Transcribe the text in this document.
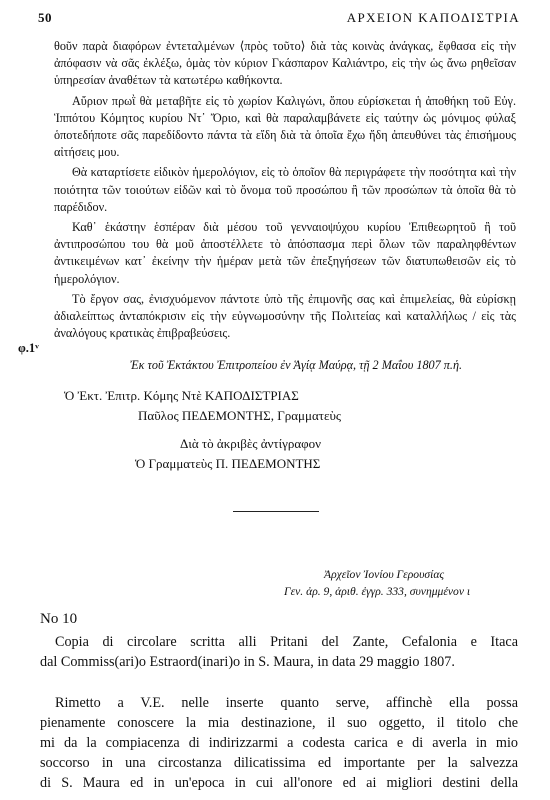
50	ΑΡΧΕΙΟΝ ΚΑΠΟΔΙΣΤΡΙΑ

θοῦν παρὰ διαφόρων ἐντεταλμένων ⟨πρὸς τοῦτο⟩ διὰ τὰς κοινὰς ἀνάγκας, ἔφθασα εἰς τὴν ἀπόφασιν νὰ σᾶς ἐκλέξω, ὁμὰς τὸν κύριον Γκάσπαρον Καλιάντρο, εἰς τὴν ὡς ἄνω ρηθεῖσαν ὑπηρεσίαν ἀναθέτων τὰ κατωτέρω καθήκοντα.

Αὔριον πρωῒ θὰ μεταβῆτε εἰς τὸ χωρίον Καλιγώνι, ὅπου εὑρίσκεται ἡ ἀποθήκη τοῦ Εὐγ. Ἱππότου Κόμητος κυρίου Ντ᾽ Ὄριο, καὶ θὰ παραλαμβάνετε εἰς ταύτην ὡς μόνιμος φύλαξ ὁποτεδήποτε σᾶς παρεδίδοντο πάντα τὰ εἴδη διὰ τὰ ὁποῖα ἔχω ἤδη ἀπευθύνει τὰς ἐπισήμους αἰτήσεις μου.

Θὰ καταρτίσετε εἰδικὸν ἡμερολόγιον, εἰς τὸ ὁποῖον θὰ περιγράφετε τὴν ποσότητα καὶ τὴν ποιότητα τῶν τοιούτων εἰδῶν καὶ τὸ ὄνομα τοῦ προσώπου ἢ τῶν προσώπων τὰ ὁποῖα θὰ τὸ παρέδιδον.

Καθ᾽ ἑκάστην ἑσπέραν διὰ μέσου τοῦ γενναιοψύχου κυρίου Ἐπιθεωρητοῦ ἢ τοῦ ἀντιπροσώπου του θὰ μοῦ ἀποστέλλετε τὸ ἀπόσπασμα περὶ ὅλων τῶν παραληφθέντων ἀντικειμένων κατ᾽ ἐκείνην τὴν ἡμέραν μετὰ τῶν ἐπεξηγήσεων τῶν διατυπωθεισῶν εἰς τὸ ἡμερολόγιον.

Τὸ ἔργον σας, ἐνισχυόμενον πάντοτε ὑπὸ τῆς ἐπιμονῆς σας καὶ ἐπιμελείας, θὰ εὑρίσκῃ ἀδιαλείπτως ἀνταπόκρισιν εἰς τὴν εὐγνωμοσύνην τῆς Πολιτείας καὶ καταλλήλως / εἰς τὰς ἀναλόγους κρατικὰς ἐπιβραβεύσεις.

φ.1ᵛ
Ἐκ τοῦ Ἐκτάκτου Ἐπιτροπείου ἐν Ἁγίᾳ Μαύρᾳ, τῇ 2 Μαΐου 1807 π.ἡ.
Ὁ Ἐκτ. Ἐπιτρ. Κόμης Ντὲ ΚΑΠΟΔΙΣΤΡΙΑΣ
Παῦλος ΠΕΔΕΜΟΝΤΗΣ, Γραμματεὺς
Διὰ τὸ ἀκριβὲς ἀντίγραφον
Ὁ Γραμματεὺς Π. ΠΕΔΕΜΟΝΤΗΣ
Ἀρχεῖον Ἰονίου Γερουσίας
Γεν. ἀρ. 9, ἀριθ. ἐγγρ. 333, συνημμένον ι
No 10
Copia di circolare scritta alli Pritani del Zante, Cefalonia e Itaca
dal Commiss(ari)o Estraord(inari)o in S. Maura, in data 29 maggio 1807.
Rimetto a V.E. nelle inserte quanto serve, affinchè ella possa
pienamente conoscere la mia destinazione, il suo oggetto, il titolo che
mi da la compiacenza di indirizzarmi a codesta carica e di averla in mio
soccorso in una circostanza dilicatissima ed importante per la salvezza
di S. Maura ed in un'epoca in cui all'onore ed ai migliori destini della
